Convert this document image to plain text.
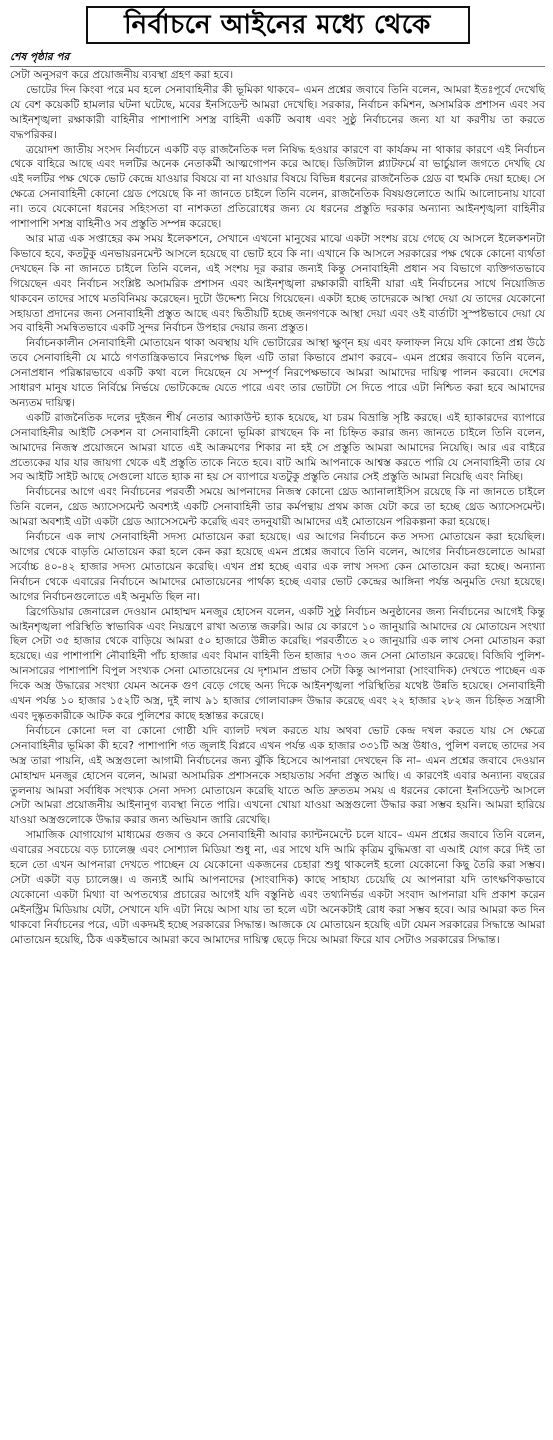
নির্বাচনে আইনের মধ্যে থেকে
শেষ পৃষ্ঠার পর

সেটা অনুসরণ করে প্রয়োজনীয় ব্যবস্থা গ্রহণ করা হবে।

ভোটের দিন কিংবা পরে মব হলে সেনাবাহিনীর কী ভূমিকা থাকবে– এমন প্রশ্নের জবাবে তিনি বলেন, আমরা ইতঃপূর্বে দেখেছি যে বেশ কয়েকটি হামলার ঘটনা ঘটেছে, মবের ইনসিডেন্ট আমরা দেখেছি। সরকার, নির্বাচন কমিশন, অসামরিক প্রশাসন এবং সব আইনশৃঙ্খলা রক্ষাকারী বাহিনীর পাশাপাশি সশস্ত্র বাহিনী একটি অবাধ এবং সুষ্ঠু নির্বাচনের জন্য যা যা করণীয় তা করতে বদ্ধপরিকর।

ত্রয়োদশ জাতীয় সংসদ নির্বাচনে একটি বড় রাজনৈতিক দল নিষিদ্ধ হওয়ার কারণে বা কার্যক্রম না থাকার কারণে এই নির্বাচন থেকে বাহিরে আছে এবং দলটির অনেক নেতাকর্মী আত্মগোপন করে আছে। ডিজিটাল প্ল্যাটফর্মে বা ভার্চুয়াল জগতে দেখছি যে এই দলটির পক্ষ থেকে ভোট কেন্দ্রে যাওয়ার বিষয়ে বা না যাওয়ার বিষয়ে বিভিন্ন ধরনের রাজনৈতিক থ্রেড বা হুমকি দেয়া হচ্ছে। সে ক্ষেত্রে সেনাবাহিনী কোনো থ্রেড পেয়েছে কি না জানতে চাইলে তিনি বলেন, রাজনৈতিক বিষয়গুলোতে আমি আলোচনায় যাবো না। তবে যেকোনো ধরনের সহিংসতা বা নাশকতা প্রতিরোধের জন্য যে ধরনের প্রস্তুতি দরকার অন্যান্য আইনশৃঙ্খলা বাহিনীর পাশাপাশি সশস্ত্র বাহিনীও সব প্রস্তুতি সম্পন্ন করেছে।

আর মাত্র এক সপ্তাহের কম সময় ইলেকশনে, সেখানে এখনো মানুষের মাঝে একটা সংশয় রয়ে গেছে যে আসলে ইলেকশনটা কিভাবে হবে, কতটুকু এনভায়রনমেন্ট আসলে হয়েছে বা ভোট হবে কি না। এখানে কি আসলে সরকারের পক্ষ থেকে কোনো ব্যর্থতা দেখছেন কি না জানতে চাইলে তিনি বলেন, এই সংশয় দূর করার জন্যই কিন্তু সেনাবাহিনী প্রধান সব বিভাগে ব্যক্তিগতভাবে গিয়েছেন এবং নির্বাচন সংশ্লিষ্ট অসামরিক প্রশাসন এবং আইনশৃঙ্খলা রক্ষাকারী বাহিনী যারা এই নির্বাচনের সাথে নিয়োজিত থাকবেন তাদের সাথে মতবিনিময় করেছেন। দুটো উদ্দেশ্য নিয়ে গিয়েছেন। একটা হচ্ছে তাদেরকে আস্থা দেয়া যে তাদের যেকোনো সহায়তা প্রদানের জন্য সেনাবাহিনী প্রস্তুত আছে এবং দ্বিতীয়টি হচ্ছে জনগণকে আস্থা দেয়া এবং ওই বার্তাটা সুস্পষ্টভাবে দেয়া যে সব বাহিনী সমন্বিতভাবে একটি সুন্দর নির্বাচন উপহার দেয়ার জন্য প্রস্তুত।

নির্বাচনকালীন সেনাবাহিনী মোতায়েন থাকা অবস্থায় যদি ভোটারের আস্থা ক্ষুণ্ন হয় এবং ফলাফল নিয়ে যদি কোনো প্রশ্ন উঠে তবে সেনাবাহিনী যে মাঠে গণতান্ত্রিকভাবে নিরপেক্ষ ছিল এটি তারা কিভাবে প্রমাণ করবে– এমন প্রশ্নের জবাবে তিনি বলেন, সেনাপ্রধান পরিষ্কারভাবে একটি কথা বলে দিয়েছেন যে সম্পূর্ণ নিরপেক্ষভাবে আমরা আমাদের দায়িত্ব পালন করবো। দেশের সাধারণ মানুষ যাতে নির্বিঘ্নে নির্ভয়ে ভোটকেন্দ্রে যেতে পারে এবং তার ভোটটা সে দিতে পারে এটা নিশ্চিত করা হবে আমাদের অন্যতম দায়িত্ব।

একটি রাজনৈতিক দলের দুইজন শীর্ষ নেতার অ্যাকাউন্ট হ্যাক হয়েছে, যা চরম বিভ্রান্তি সৃষ্টি করছে। এই হ্যাকারদের ব্যাপারে সেনাবাহিনীর আইটি সেকশন বা সেনাবাহিনী কোনো ভূমিকা রাখছেন কি না চিহ্নিত করার জন্য জানতে চাইলে তিনি বলেন, আমাদের নিজস্ব প্রয়োজনে আমরা যাতে এই আক্রমণের শিকার না হই সে প্রস্তুতি আমরা আমাদের নিয়েছি। আর এর বাইরে প্রত্যেকের যার যার জায়গা থেকে এই প্রস্তুতি তাকে নিতে হবে। বাট আমি আপনাকে আশ্বস্ত করতে পারি যে সেনাবাহিনী তার যে সব আইটি সাইট আছে সেগুলো যাতে হ্যাক না হয় সে ব্যাপারে যতটুকু প্রস্তুতি নেয়ার সেই প্রস্তুতি আমরা নিয়েছি এবং নিচ্ছি।

নির্বাচনের আগে এবং নির্বাচনের পরবর্তী সময়ে আপনাদের নিজস্ব কোনো থ্রেড অ্যানালাইসিস রয়েছে কি না জানতে চাইলে তিনি বলেন, থ্রেড অ্যাসেসমেন্ট অবশ্যই একটি সেনাবাহিনী তার কর্মপন্থায় প্রথম কাজ যেটা করে তা হচ্ছে থ্রেড অ্যাসেসমেন্ট। আমরা অবশ্যই এটা একটা থ্রেড অ্যাসেসমেন্ট করেছি এবং তদনুযায়ী আমাদের এই মোতায়েন পরিকল্পনা করা হয়েছে।

নির্বাচনে এক লাখ সেনাবাহিনী সদস্য মোতায়েন করা হয়েছে। এর আগের নির্বাচনে কত সদস্য মোতায়েন করা হয়েছিল। আগের থেকে বাড়তি মোতায়েন করা হলে কেন করা হয়েছে এমন প্রশ্নের জবাবে তিনি বলেন, আগের নির্বাচনগুলোতে আমরা সর্বোচ্চ ৪০-৪২ হাজার সদস্য মোতায়েন করেছি। এখন প্রশ্ন হচ্ছে এবার এক লাখ সদস্য কেন মোতায়েন করা হচ্ছে। অন্যান্য নির্বাচন থেকে এবারের নির্বাচনে আমাদের মোতায়েনের পার্থক্য হচ্ছে এবার ভোট কেন্দ্রের আঙ্গিনা পর্যন্ত অনুমতি দেয়া হয়েছে। আগের নির্বাচনগুলোতে এই অনুমতি ছিল না।

ব্রিগেডিয়ার জেনারেল দেওয়ান মোহাম্মদ মনজুর হোসেন বলেন, একটি সুষ্ঠু নির্বাচন অনুষ্ঠানের জন্য নির্বাচনের আগেই কিন্তু আইনশৃঙ্খলা পরিস্থিতি স্বাভাবিক এবং নিয়ন্ত্রণে রাখা অত্যন্ত জরুরি। আর যে কারণে ১০ জানুয়ারি আমাদের যে মোতায়েন সংখ্যা ছিল সেটা ৩৫ হাজার থেকে বাড়িয়ে আমরা ৫০ হাজারে উন্নীত করেছি। পরবর্তীতে ২০ জানুয়ারি এক লাখ সেনা মোতায়ন করা হয়েছে। এর পাশাপাশি নৌবাহিনী পাঁচ হাজার এবং বিমান বাহিনী তিন হাজার ৭৩০ জন সেনা মোতায়ন করেছে। বিজিবি পুলিশ-আনসারের পাশাপাশি বিপুল সংখ্যক সেনা মোতায়েনের যে দৃশ্যমান প্রভাব সেটা কিন্তু আপনারা (সাংবাদিক) দেখতে পাচ্ছেন এক দিকে অস্ত্র উদ্ধারের সংখ্যা যেমন অনেক গুণ বেড়ে গেছে অন্য দিকে আইনশৃঙ্খলা পরিস্থিতির যথেষ্ট উন্নতি হয়েছে। সেনাবাহিনী এখন পর্যন্ত ১০ হাজার ১৫২টি অস্ত্র, দুই লাখ ৯১ হাজার গোলাবারুদ উদ্ধার করেছে এবং ২২ হাজার ২৮২ জন চিহ্নিত সন্ত্রাসী এবং দুষ্কৃতকারীকে আটক করে পুলিশের কাছে হস্তান্তর করেছে।

নির্বাচনে কোনো দল বা কোনো গোষ্ঠী যদি ব্যালট দখল করতে যায় অথবা ভোট কেন্দ্র দখল করতে যায় সে ক্ষেত্রে সেনাবাহিনীর ভূমিকা কী হবে? পাশাপাশি গত জুলাই বিপ্লবে এখন পর্যন্ত এক হাজার ৩৩১টি অস্ত্র উধাও, পুলিশ বলছে তাদের সব অস্ত্র তারা পায়নি, এই অস্ত্রগুলো আগামী নির্বাচনের জন্য ঝুঁকি হিসেবে আপনারা দেখছেন কি না– এমন প্রশ্নের জবাবে দেওয়ান মোহাম্মদ মনজুর হোসেন বলেন, আমরা অসামরিক প্রশাসনকে সহায়তায় সর্বদা প্রস্তুত আছি। এ কারণেই এবার অন্যান্য বছরের তুলনায় আমরা সর্বাধিক সংখ্যক সেনা সদস্য মোতায়েন করেছি যাতে অতি দ্রুততম সময় এ ধরনের কোনো ইনসিডেন্ট আসলে সেটা আমরা প্রয়োজনীয় আইনানুগ ব্যবস্থা নিতে পারি। এখনো খোয়া যাওয়া অস্ত্রগুলো উদ্ধার করা সম্ভব হয়নি। আমরা হারিয়ে যাওয়া অস্ত্রগুলোকে উদ্ধার করার জন্য অভিযান জারি রেখেছি।

সামাজিক যোগাযোগ মাধ্যমের গুজব ও কবে সেনাবাহিনী আবার ক্যান্টনমেন্টে চলে যাবে– এমন প্রশ্নের জবাবে তিনি বলেন, এবারের সবচেয়ে বড় চ্যালেঞ্জ এবং সোশ্যাল মিডিয়া শুধু না, এর সাথে যদি আমি কৃত্রিম বুদ্ধিমত্তা বা এআই যোগ করে দিই তা হলে তো এখন আপনারা দেখতে পাচ্ছেন যে যেকোনো একজনের চেহারা শুধু থাকলেই হলো যেকোনো কিছু তৈরি করা সম্ভব। সেটা একটা বড় চ্যালেঞ্জ। এ জন্যই আমি আপনাদের (সাংবাদিক) কাছে সাহায্য চেয়েছি যে আপনারা যদি তাৎক্ষণিকভাবে যেকোনো একটা মিথ্যা বা অপতথ্যের প্রচারের আগেই যদি বস্তুনিষ্ঠ এবং তথ্যনির্ভর একটা সংবাদ আপনারা যদি প্রকাশ করেন মেইনস্ট্রিম মিডিয়ায় যেটা, সেখানে যদি এটা নিয়ে আসা যায় তা হলে এটা অনেকটাই রোধ করা সম্ভব হবে। আর আমরা কত দিন থাকবো নির্বাচনের পরে, এটা একদমই হচ্ছে সরকারের সিদ্ধান্ত। আজকে যে মোতায়েন হয়েছি এটা যেমন সরকারের সিদ্ধান্তে আমরা মোতায়েন হয়েছি, ঠিক একইভাবে আমরা কবে আমাদের দায়িত্ব ছেড়ে দিয়ে আমরা ফিরে যাব সেটাও সরকারের সিদ্ধান্ত।
